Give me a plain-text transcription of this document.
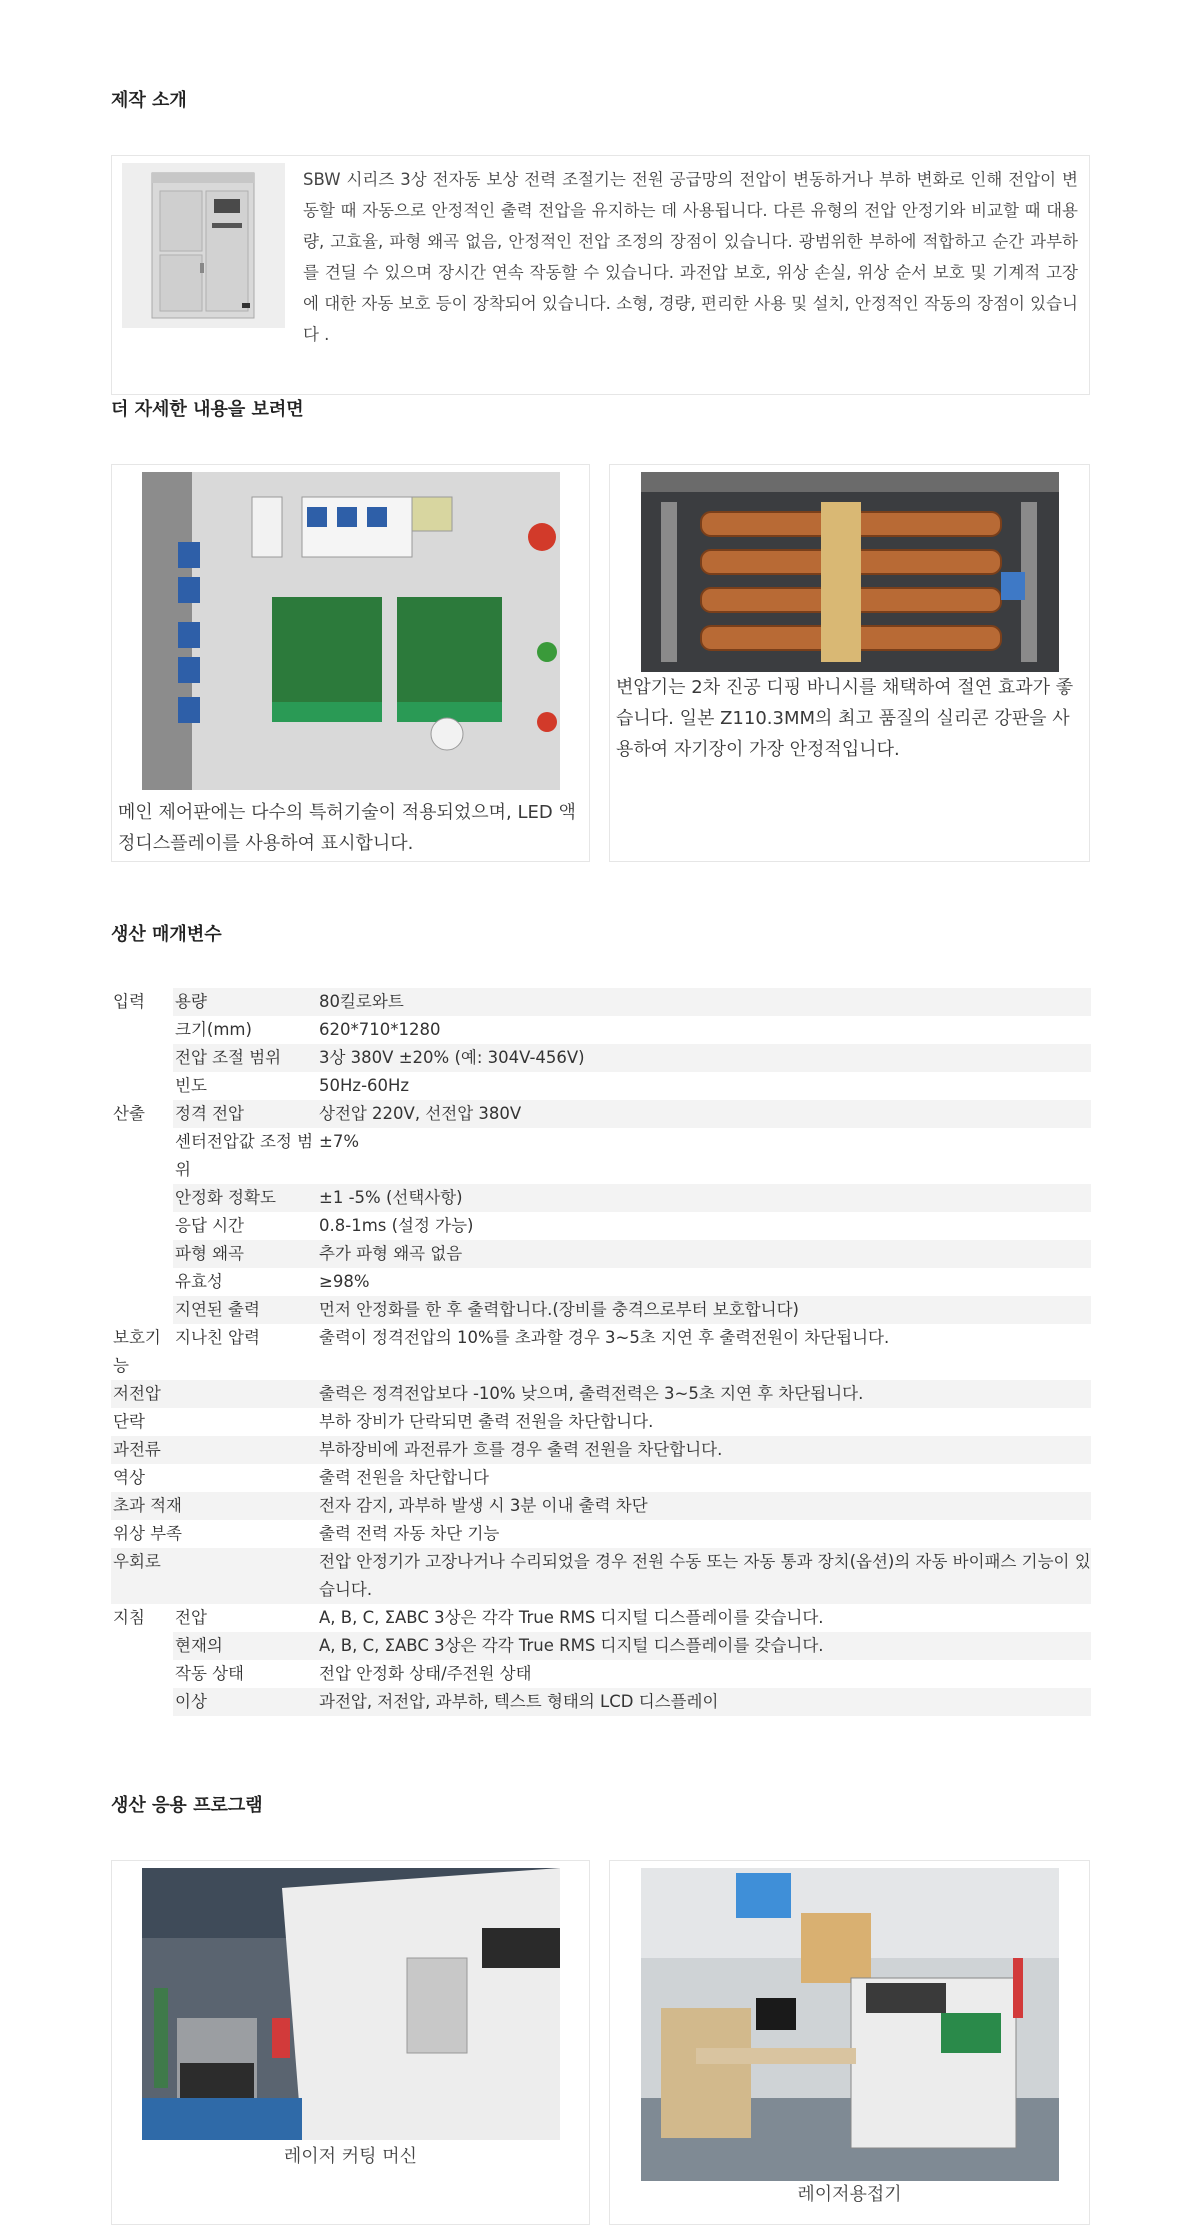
제작 소개
SBW 시리즈 3상 전자동 보상 전력 조절기는 전원 공급망의 전압이 변동하거나 부하 변화로 인해 전압이 변동할 때 자동으로 안정적인 출력 전압을 유지하는 데 사용됩니다. 다른 유형의 전압 안정기와 비교할 때 대용량, 고효율, 파형 왜곡 없음, 안정적인 전압 조정의 장점이 있습니다. 광범위한 부하에 적합하고 순간 과부하를 견딜 수 있으며 장시간 연속 작동할 수 있습니다. 과전압 보호, 위상 손실, 위상 순서 보호 및 기계적 고장에 대한 자동 보호 등이 장착되어 있습니다. 소형, 경량, 편리한 사용 및 설치, 안정적인 작동의 장점이 있습니다 .
더 자세한 내용을 보려면
메인 제어판에는 다수의 특허기술이 적용되었으며, LED 액정디스플레이를 사용하여 표시합니다.
변압기는 2차 진공 디핑 바니시를 채택하여 절연 효과가 좋습니다. 일본 Z110.3MM의 최고 품질의 실리콘 강판을 사용하여 자기장이 가장 안정적입니다.
생산 매개변수
입력	용량	80킬로와트
	크기(mm)	620*710*1280
	전압 조절 범위	3상 380V ±20% (예: 304V-456V)
	빈도	50Hz-60Hz
산출	정격 전압	상전압 220V, 선전압 380V
	센터전압값 조정 범위	±7%
	안정화 정확도	±1 -5% (선택사항)
	응답 시간	0.8-1ms (설정 가능)
	파형 왜곡	추가 파형 왜곡 없음
	유효성	≥98%
	지연된 출력	먼저 안정화를 한 후 출력합니다.(장비를 충격으로부터 보호합니다)
보호기능	지나친 압력	출력이 정격전압의 10%를 초과할 경우 3~5초 지연 후 출력전원이 차단됩니다.
저전압		출력은 정격전압보다 -10% 낮으며, 출력전력은 3~5초 지연 후 차단됩니다.
단락		부하 장비가 단락되면 출력 전원을 차단합니다.
과전류		부하장비에 과전류가 흐를 경우 출력 전원을 차단합니다.
역상		출력 전원을 차단합니다
초과 적재		전자 감지, 과부하 발생 시 3분 이내 출력 차단
위상 부족		출력 전력 자동 차단 기능
우회로		전압 안정기가 고장나거나 수리되었을 경우 전원 수동 또는 자동 통과 장치(옵션)의 자동 바이패스 기능이 있습니다.
지침	전압	A, B, C, ΣABC 3상은 각각 True RMS 디지털 디스플레이를 갖습니다.
	현재의	A, B, C, ΣABC 3상은 각각 True RMS 디지털 디스플레이를 갖습니다.
	작동 상태	전압 안정화 상태/주전원 상태
	이상	과전압, 저전압, 과부하, 텍스트 형태의 LCD 디스플레이
생산 응용 프로그램
레이저 커팅 머신
레이저용접기
